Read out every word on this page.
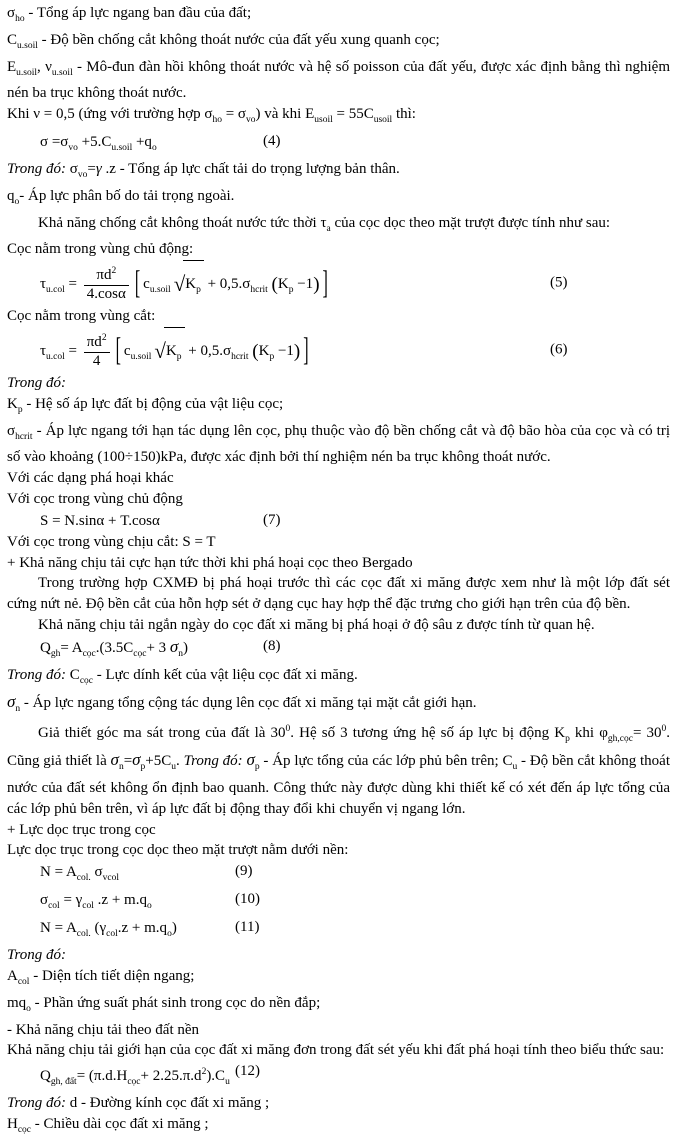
$\sigma_{ho}$ - Tổng áp lực ngang ban đầu của đất;
$C_{u.soil}$ - Độ bền chống cắt không thoát nước của đất yếu xung quanh cọc;
$E_{u.soil}$, $\nu_{u.soil}$ - Mô-đun đàn hồi không thoát nước và hệ số poisson của đất yếu, được xác định bằng thì nghiệm nén ba trục không thoát nước.
Khi ν = 0,5 (ứng với trường hợp $\sigma_{ho} = \sigma_{vo}$) và khi $E_{usoil} = 55C_{usoil}$ thì:
$\sigma =\sigma_{vo} +5.C_{u.soil} +q_o$	(4)
Trong đó: $\sigma_{vo}=\gamma$ .z - Tổng áp lực chất tải do trọng lượng bản thân.
$q_o-$ Áp lực phân bố do tải trọng ngoài.
Khả năng chống cắt không thoát nước tức thời $\tau_a$ của cọc dọc theo mặt trượt được tính như sau:
Cọc nằm trong vùng chủ động:
$\tau_{u.col} = \frac{\pi d^2}{4.\cos\alpha}$ [ $c_{u.soil}$ $√K_p + 0,5.\sigma_{hcrit}$ $(K_p -1)$ ]	(5)
Cọc nằm trong vùng cắt:
$\tau_{u.col} = \frac{\pi d^2}{4}$ [ $c_{u.soil}$ $√K_p + 0,5.\sigma_{hcrit}$ $(K_p -1)$ ]	(6)
Trong đó:
$K_p$ - Hệ số áp lực đất bị động của vật liệu cọc;
$\sigma_{hcrit}$ - Áp lực ngang tới hạn tác dụng lên cọc, phụ thuộc vào độ bền chống cắt và độ bão hòa của cọc và có trị số vào khoảng (100÷150)kPa, được xác định bởi thí nghiệm nén ba trục không thoát nước.
Với các dạng phá hoại khác
Với cọc trong vùng chủ động
S = N.sinα + T.cosα	(7)
Với cọc trong vùng chịu cắt: S = T
+ Khả năng chịu tải cực hạn tức thời khi phá hoại cọc theo Bergado
Trong trường hợp CXMĐ bị phá hoại trước thì các cọc đất xi măng được xem như là một lớp đất sét cứng nứt nẻ. Độ bền cắt của hỗn hợp sét ở dạng cục hay hợp thể đặc trưng cho giới hạn trên của độ bền.
Khả năng chịu tải ngắn ngày do cọc đất xi măng bị phá hoại ở độ sâu z được tính từ quan hệ.
$Q_{gh}= A_{cọc}.(3.5C_{cọc}+ 3$ $\sigma_n$)	(8)
Trong đó: $C_{cọc}$ - Lực dính kết của vật liệu cọc đất xi măng.
$\sigma_n$ - Áp lực ngang tổng cộng tác dụng lên cọc đất xi măng tại mặt cắt giới hạn.
Giả thiết góc ma sát trong của đất là $30^0$. Hệ số 3 tương ứng hệ số áp lực bị động $K_p$ khi $\varphi_{gh,cọc}= 30^0$. Cũng giả thiết là $\sigma_n=\sigma_p+5C_u$. Trong đó: $\sigma_p$ - Áp lực tổng của các lớp phủ bên trên; $C_u$ - Độ bền cắt không thoát nước của đất sét không ổn định bao quanh. Công thức này được dùng khi thiết kế có xét đến áp lực tổng của các lớp phủ bên trên, vì áp lực đất bị động thay đổi khi chuyển vị ngang lớn.
+ Lực dọc trục trong cọc
Lực dọc trục trong cọc dọc theo mặt trượt nằm dưới nền:
$N = A_{col.}$ $\sigma_{vcol}$	(9)
$\sigma_{col} = \gamma_{col}$ $.z + m.q_o$	(10)
$N = A_{col.}$ $(\gamma_{col}.z + m.q_o)$	(11)
Trong đó:
$A_{col}$ - Diện tích tiết diện ngang;
$mq_o$ - Phần ứng suất phát sinh trong cọc do nền đắp;
- Khả năng chịu tải theo đất nền
Khả năng chịu tải giới hạn của cọc đất xi măng đơn trong đất sét yếu khi đất phá hoại tính theo biểu thức sau:
$Q_{gh, đất}= (\pi.d.H_{cọc}+ 2.25.\pi.d^2).C_u$
(12)
Trong đó: d - Đường kính cọc đất xi măng ;
$H_{cọc}$ - Chiều dài cọc đất xi măng ;
